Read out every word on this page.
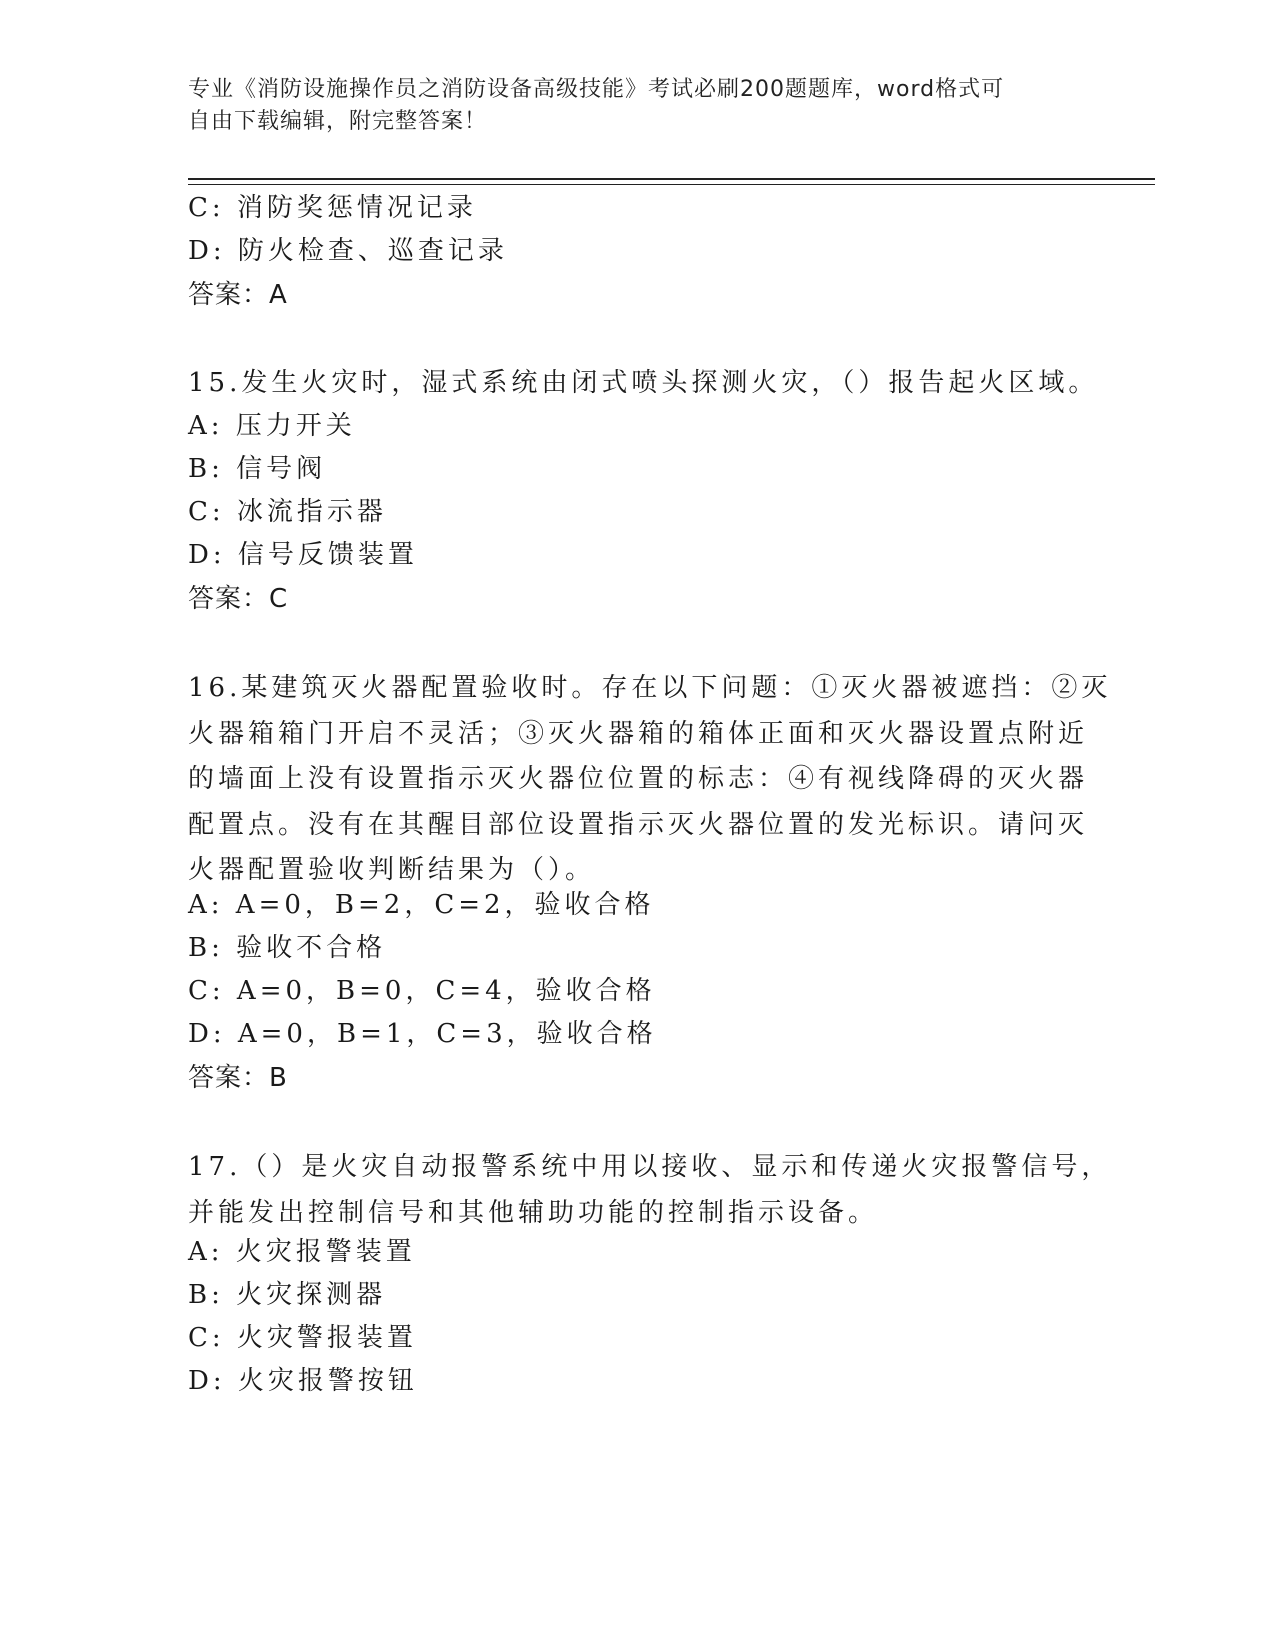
专业《消防设施操作员之消防设备高级技能》考试必刷200题题库，word格式可
自由下载编辑，附完整答案！
C: 消防奖惩情况记录
D: 防火检查、巡查记录
答案：A
15.发生火灾时，湿式系统由闭式喷头探测火灾，（）报告起火区域。
A: 压力开关
B: 信号阀
C: 冰流指示器
D: 信号反馈装置
答案：C
16.某建筑灭火器配置验收时。存在以下问题：①灭火器被遮挡：②灭
火器箱箱门开启不灵活；③灭火器箱的箱体正面和灭火器设置点附近
的墙面上没有设置指示灭火器位位置的标志：④有视线降碍的灭火器
配置点。没有在其醒目部位设置指示灭火器位置的发光标识。请问灭
火器配置验收判断结果为（）。
A: A=0，B=2，C=2，验收合格
B: 验收不合格
C: A=0，B=0，C=4，验收合格
D: A=0，B=1，C=3，验收合格
答案：B
17.（）是火灾自动报警系统中用以接收、显示和传递火灾报警信号，
并能发出控制信号和其他辅助功能的控制指示设备。
A: 火灾报警装置
B: 火灾探测器
C: 火灾警报装置
D: 火灾报警按钮
